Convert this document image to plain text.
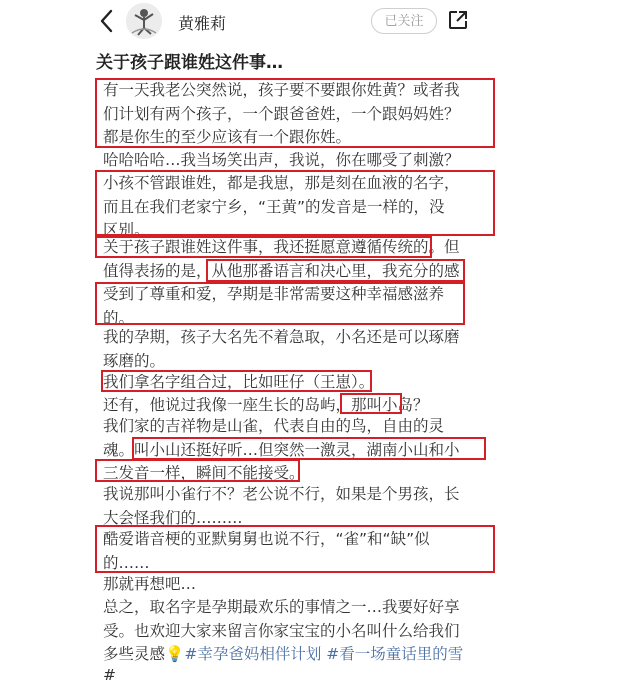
黄雅莉	已关注
关于孩子跟谁姓这件事…

有一天我老公突然说，孩子要不要跟你姓黄？或者我
们计划有两个孩子，一个跟爸爸姓，一个跟妈妈姓？
都是你生的至少应该有一个跟你姓。

哈哈哈哈…我当场笑出声，我说，你在哪受了刺激？

小孩不管跟谁姓，都是我崽，那是刻在血液的名字，
而且在我们老家宁乡，“王黄”的发音是一样的，没
区别。

关于孩子跟谁姓这件事，我还挺愿意遵循传统的。但
值得表扬的是，从他那番语言和决心里，我充分的感
受到了尊重和爱，孕期是非常需要这种幸福感滋养
的。

我的孕期，孩子大名先不着急取，小名还是可以琢磨
琢磨的。

我们拿名字组合过，比如旺仔（王崽）。

还有，他说过我像一座生长的岛屿，那叫小岛？

我们家的吉祥物是山雀，代表自由的鸟，自由的灵
魂。叫小山还挺好听…但突然一激灵，湖南小山和小
三发音一样，瞬间不能接受。

我说那叫小雀行不？老公说不行，如果是个男孩，长
大会怪我们的………

酷爱谐音梗的亚默舅舅也说不行，“雀”和“缺”似
的……

那就再想吧…

总之，取名字是孕期最欢乐的事情之一…我要好好享
受。也欢迎大家来留言你家宝宝的小名叫什么给我们
多些灵感💡#幸孕爸妈相伴计划 #看一场童话里的雪

#
